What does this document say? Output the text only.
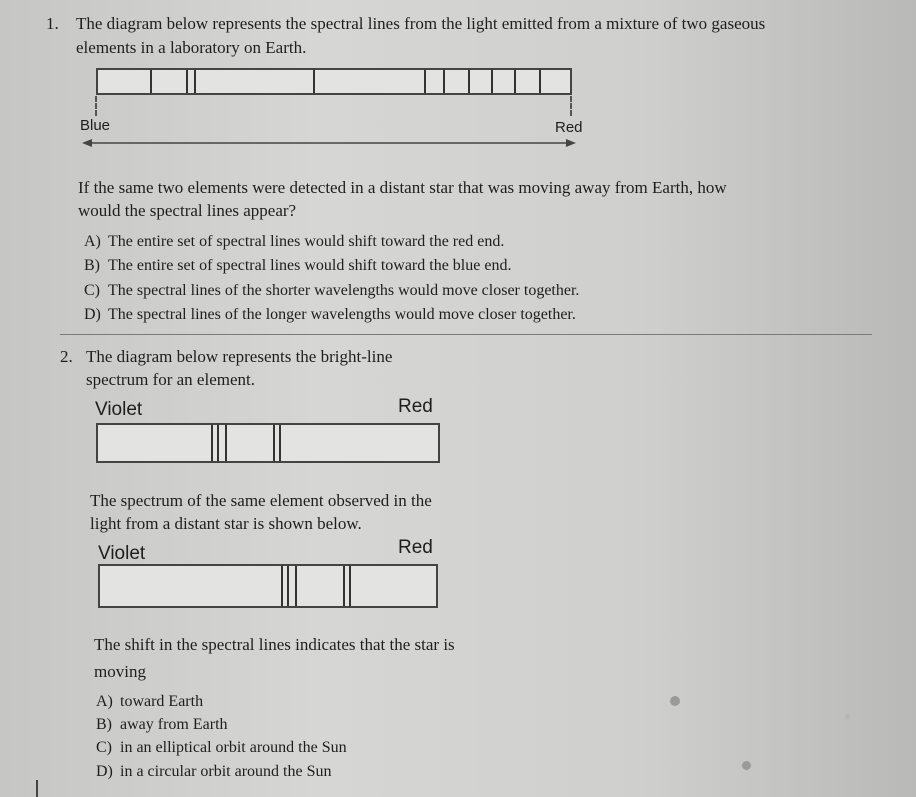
1. The diagram below represents the spectral lines from the light emitted from a mixture of two gaseous
elements in a laboratory on Earth.
Blue	Red
If the same two elements were detected in a distant star that was moving away from Earth, how
would the spectral lines appear?
A) The entire set of spectral lines would shift toward the red end.
B) The entire set of spectral lines would shift toward the blue end.
C) The spectral lines of the shorter wavelengths would move closer together.
D) The spectral lines of the longer wavelengths would move closer together.
2. The diagram below represents the bright-line
spectrum for an element.
Violet	Red
The spectrum of the same element observed in the
light from a distant star is shown below.
Violet	Red
The shift in the spectral lines indicates that the star is
moving
A) toward Earth
B) away from Earth
C) in an elliptical orbit around the Sun
D) in a circular orbit around the Sun
